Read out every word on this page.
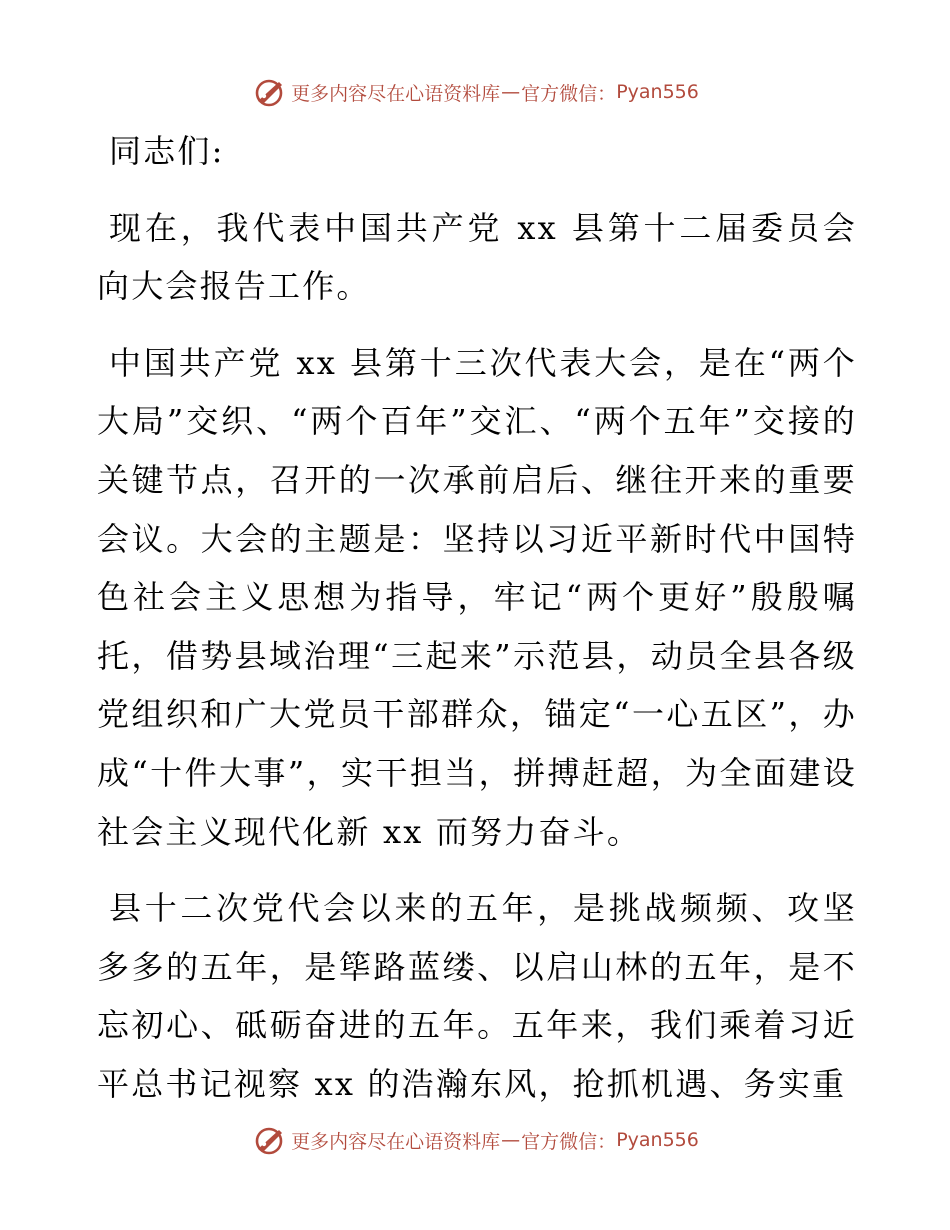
更多内容尽在心语资料库 — 官方微信： Pyan556

同志们:

现在，我代表中国共产党 xx 县第十二届委员会向大会报告工作。

中国共产党 xx 县第十三次代表大会，是在“两个大局”交织、“两个百年”交汇、“两个五年”交接的关键节点，召开的一次承前启后、继往开来的重要会议。大会的主题是：坚持以习近平新时代中国特色社会主义思想为指导，牢记“两个更好”殷殷嘱托，借势县域治理“三起来”示范县，动员全县各级党组织和广大党员干部群众，锚定“一心五区”，办成“十件大事”，实干担当，拼搏赶超，为全面建设社会主义现代化新 xx 而努力奋斗。

县十二次党代会以来的五年，是挑战频频、攻坚多多的五年，是筚路蓝缕、以启山林的五年，是不忘初心、砥砺奋进的五年。五年来，我们乘着习近平总书记视察 xx 的浩瀚东风，抢抓机遇、务实重

更多内容尽在心语资料库 — 官方微信： Pyan556
